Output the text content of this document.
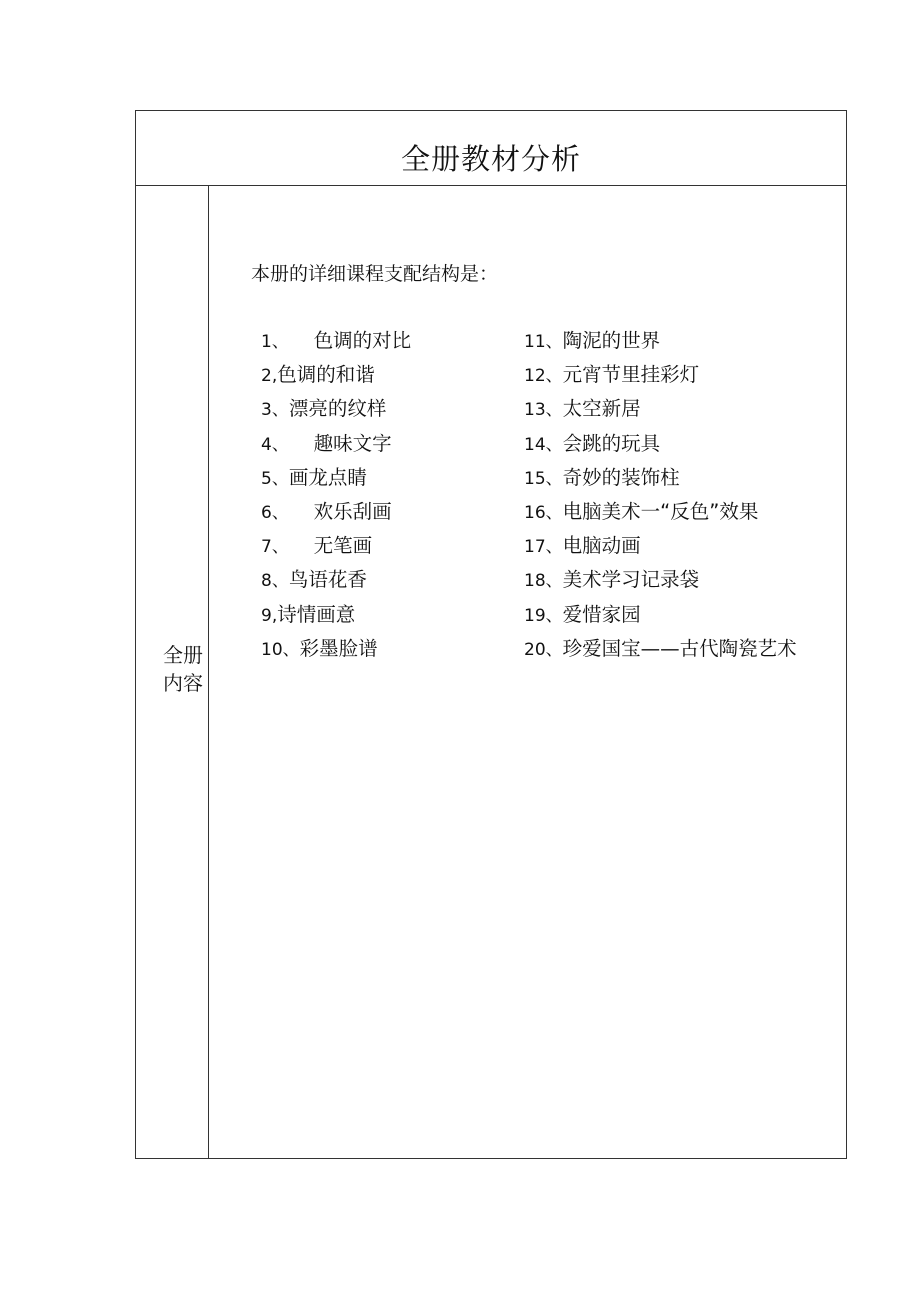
全册教材分析
全册
内容
本册的详细课程支配结构是：
1、 色调的对比
2,色调的和谐
3、漂亮的纹样
4、 趣味文字
5、画龙点睛
6、 欢乐刮画
7、 无笔画
8、鸟语花香
9,诗情画意
10、彩墨脸谱
11、陶泥的世界
12、元宵节里挂彩灯
13、太空新居
14、会跳的玩具
15、奇妙的装饰柱
16、电脑美术一“反色”效果
17、电脑动画
18、美术学习记录袋
19、爱惜家园
20、珍爱国宝——古代陶瓷艺术
